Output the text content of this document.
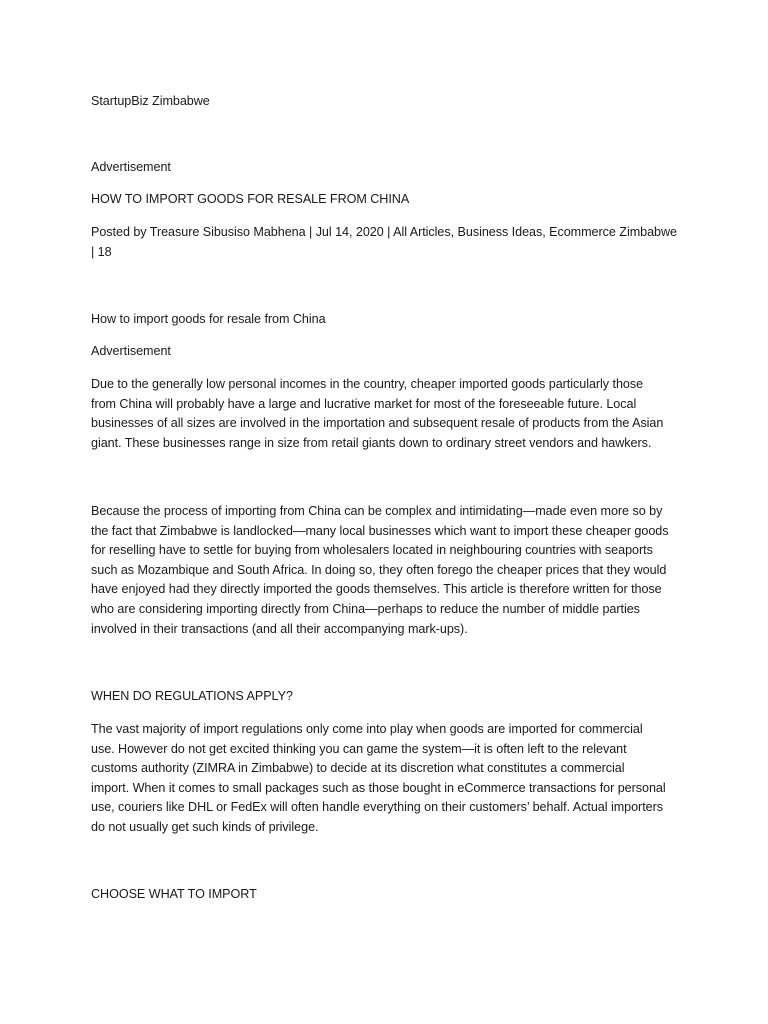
StartupBiz Zimbabwe

Advertisement

HOW TO IMPORT GOODS FOR RESALE FROM CHINA

Posted by Treasure Sibusiso Mabhena | Jul 14, 2020 | All Articles, Business Ideas, Ecommerce Zimbabwe

| 18

How to import goods for resale from China

Advertisement

Due to the generally low personal incomes in the country, cheaper imported goods particularly those

from China will probably have a large and lucrative market for most of the foreseeable future. Local

businesses of all sizes are involved in the importation and subsequent resale of products from the Asian

giant. These businesses range in size from retail giants down to ordinary street vendors and hawkers.

Because the process of importing from China can be complex and intimidating—made even more so by

the fact that Zimbabwe is landlocked—many local businesses which want to import these cheaper goods

for reselling have to settle for buying from wholesalers located in neighbouring countries with seaports

such as Mozambique and South Africa. In doing so, they often forego the cheaper prices that they would

have enjoyed had they directly imported the goods themselves. This article is therefore written for those

who are considering importing directly from China—perhaps to reduce the number of middle parties

involved in their transactions (and all their accompanying mark-ups).

WHEN DO REGULATIONS APPLY?

The vast majority of import regulations only come into play when goods are imported for commercial

use. However do not get excited thinking you can game the system—it is often left to the relevant

customs authority (ZIMRA in Zimbabwe) to decide at its discretion what constitutes a commercial

import. When it comes to small packages such as those bought in eCommerce transactions for personal

use, couriers like DHL or FedEx will often handle everything on their customers’ behalf. Actual importers

do not usually get such kinds of privilege.

CHOOSE WHAT TO IMPORT
